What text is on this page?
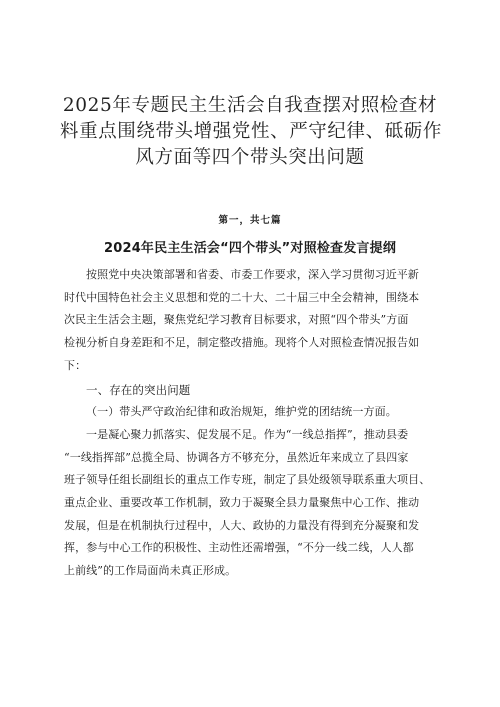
2025年专题民主生活会自我查摆对照检查材
料重点围绕带头增强党性、严守纪律、砥砺作
风方面等四个带头突出问题
第一，共七篇
2024年民主生活会“四个带头”对照检查发言提纲

按照党中央决策部署和省委、市委工作要求，深入学习贯彻习近平新
时代中国特色社会主义思想和党的二十大、二十届三中全会精神，围绕本
次民主生活会主题，聚焦党纪学习教育目标要求，对照“四个带头”方面
检视分析自身差距和不足，制定整改措施。现将个人对照检查情况报告如
下：

一、存在的突出问题

（一）带头严守政治纪律和政治规矩，维护党的团结统一方面。

一是凝心聚力抓落实、促发展不足。作为“一线总指挥”，推动县委
“一线指挥部”总揽全局、协调各方不够充分，虽然近年来成立了县四家
班子领导任组长副组长的重点工作专班，制定了县处级领导联系重大项目、
重点企业、重要改革工作机制，致力于凝聚全县力量聚焦中心工作、推动
发展，但是在机制执行过程中，人大、政协的力量没有得到充分凝聚和发
挥，参与中心工作的积极性、主动性还需增强，“不分一线二线，人人都
上前线”的工作局面尚未真正形成。
